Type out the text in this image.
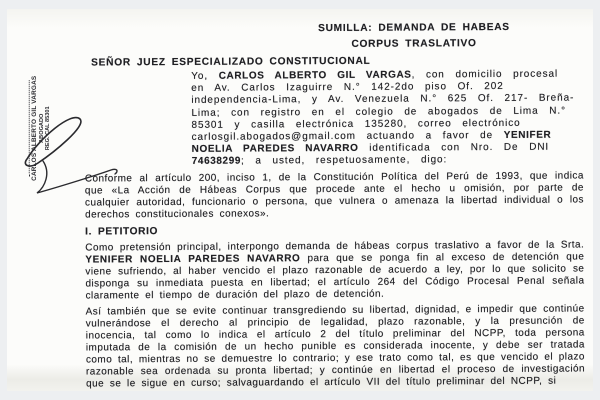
CARLOS ALBERTO GIL VARGAS ABOGADO REG. CAL 85301
SUMILLA: DEMANDA DE HABEAS
CORPUS TRASLATIVO
SEÑOR JUEZ ESPECIALIZADO CONSTITUCIONAL

Yo, CARLOS ALBERTO GIL VARGAS, con domicilio procesal en Av. Carlos Izaguirre N.° 142-2do piso Of. 202 independencia-Lima, y Av. Venezuela N.° 625 Of. 217- Breña-Lima; con registro en el colegio de abogados de Lima N.° 85301 y casilla electrónica 135280, correo electrónico carlosgil.abogados@gmail.com actuando a favor de YENIFER NOELIA PAREDES NAVARRO identificada con Nro. De DNI 74638299; a usted, respetuosamente, digo:

Conforme al artículo 200, inciso 1, de la Constitución Política del Perú de 1993, que indica que «La Acción de Hábeas Corpus que procede ante el hecho u omisión, por parte de cualquier autoridad, funcionario o persona, que vulnera o amenaza la libertad individual o los derechos constitucionales conexos».

I. PETITORIO

Como pretensión principal, interpongo demanda de hábeas corpus traslativo a favor de la Srta. YENIFER NOELIA PAREDES NAVARRO para que se ponga fin al exceso de detención que viene sufriendo, al haber vencido el plazo razonable de acuerdo a ley, por lo que solicito se disponga su inmediata puesta en libertad; el artículo 264 del Código Procesal Penal señala claramente el tiempo de duración del plazo de detención.

Así también que se evite continuar transgrediendo su libertad, dignidad, e impedir que continúe vulnerándose el derecho al principio de legalidad, plazo razonable, y la presunción de inocencia, tal como lo indica el artículo 2 del título preliminar del NCPP, toda persona imputada de la comisión de un hecho punible es considerada inocente, y debe ser tratada como tal, mientras no se demuestre lo contrario; y ese trato como tal, es que vencido el plazo razonable sea ordenada su pronta libertad; y continúe en libertad el proceso de investigación que se le sigue en curso; salvaguardando el artículo VII del título preliminar del NCPP, si
